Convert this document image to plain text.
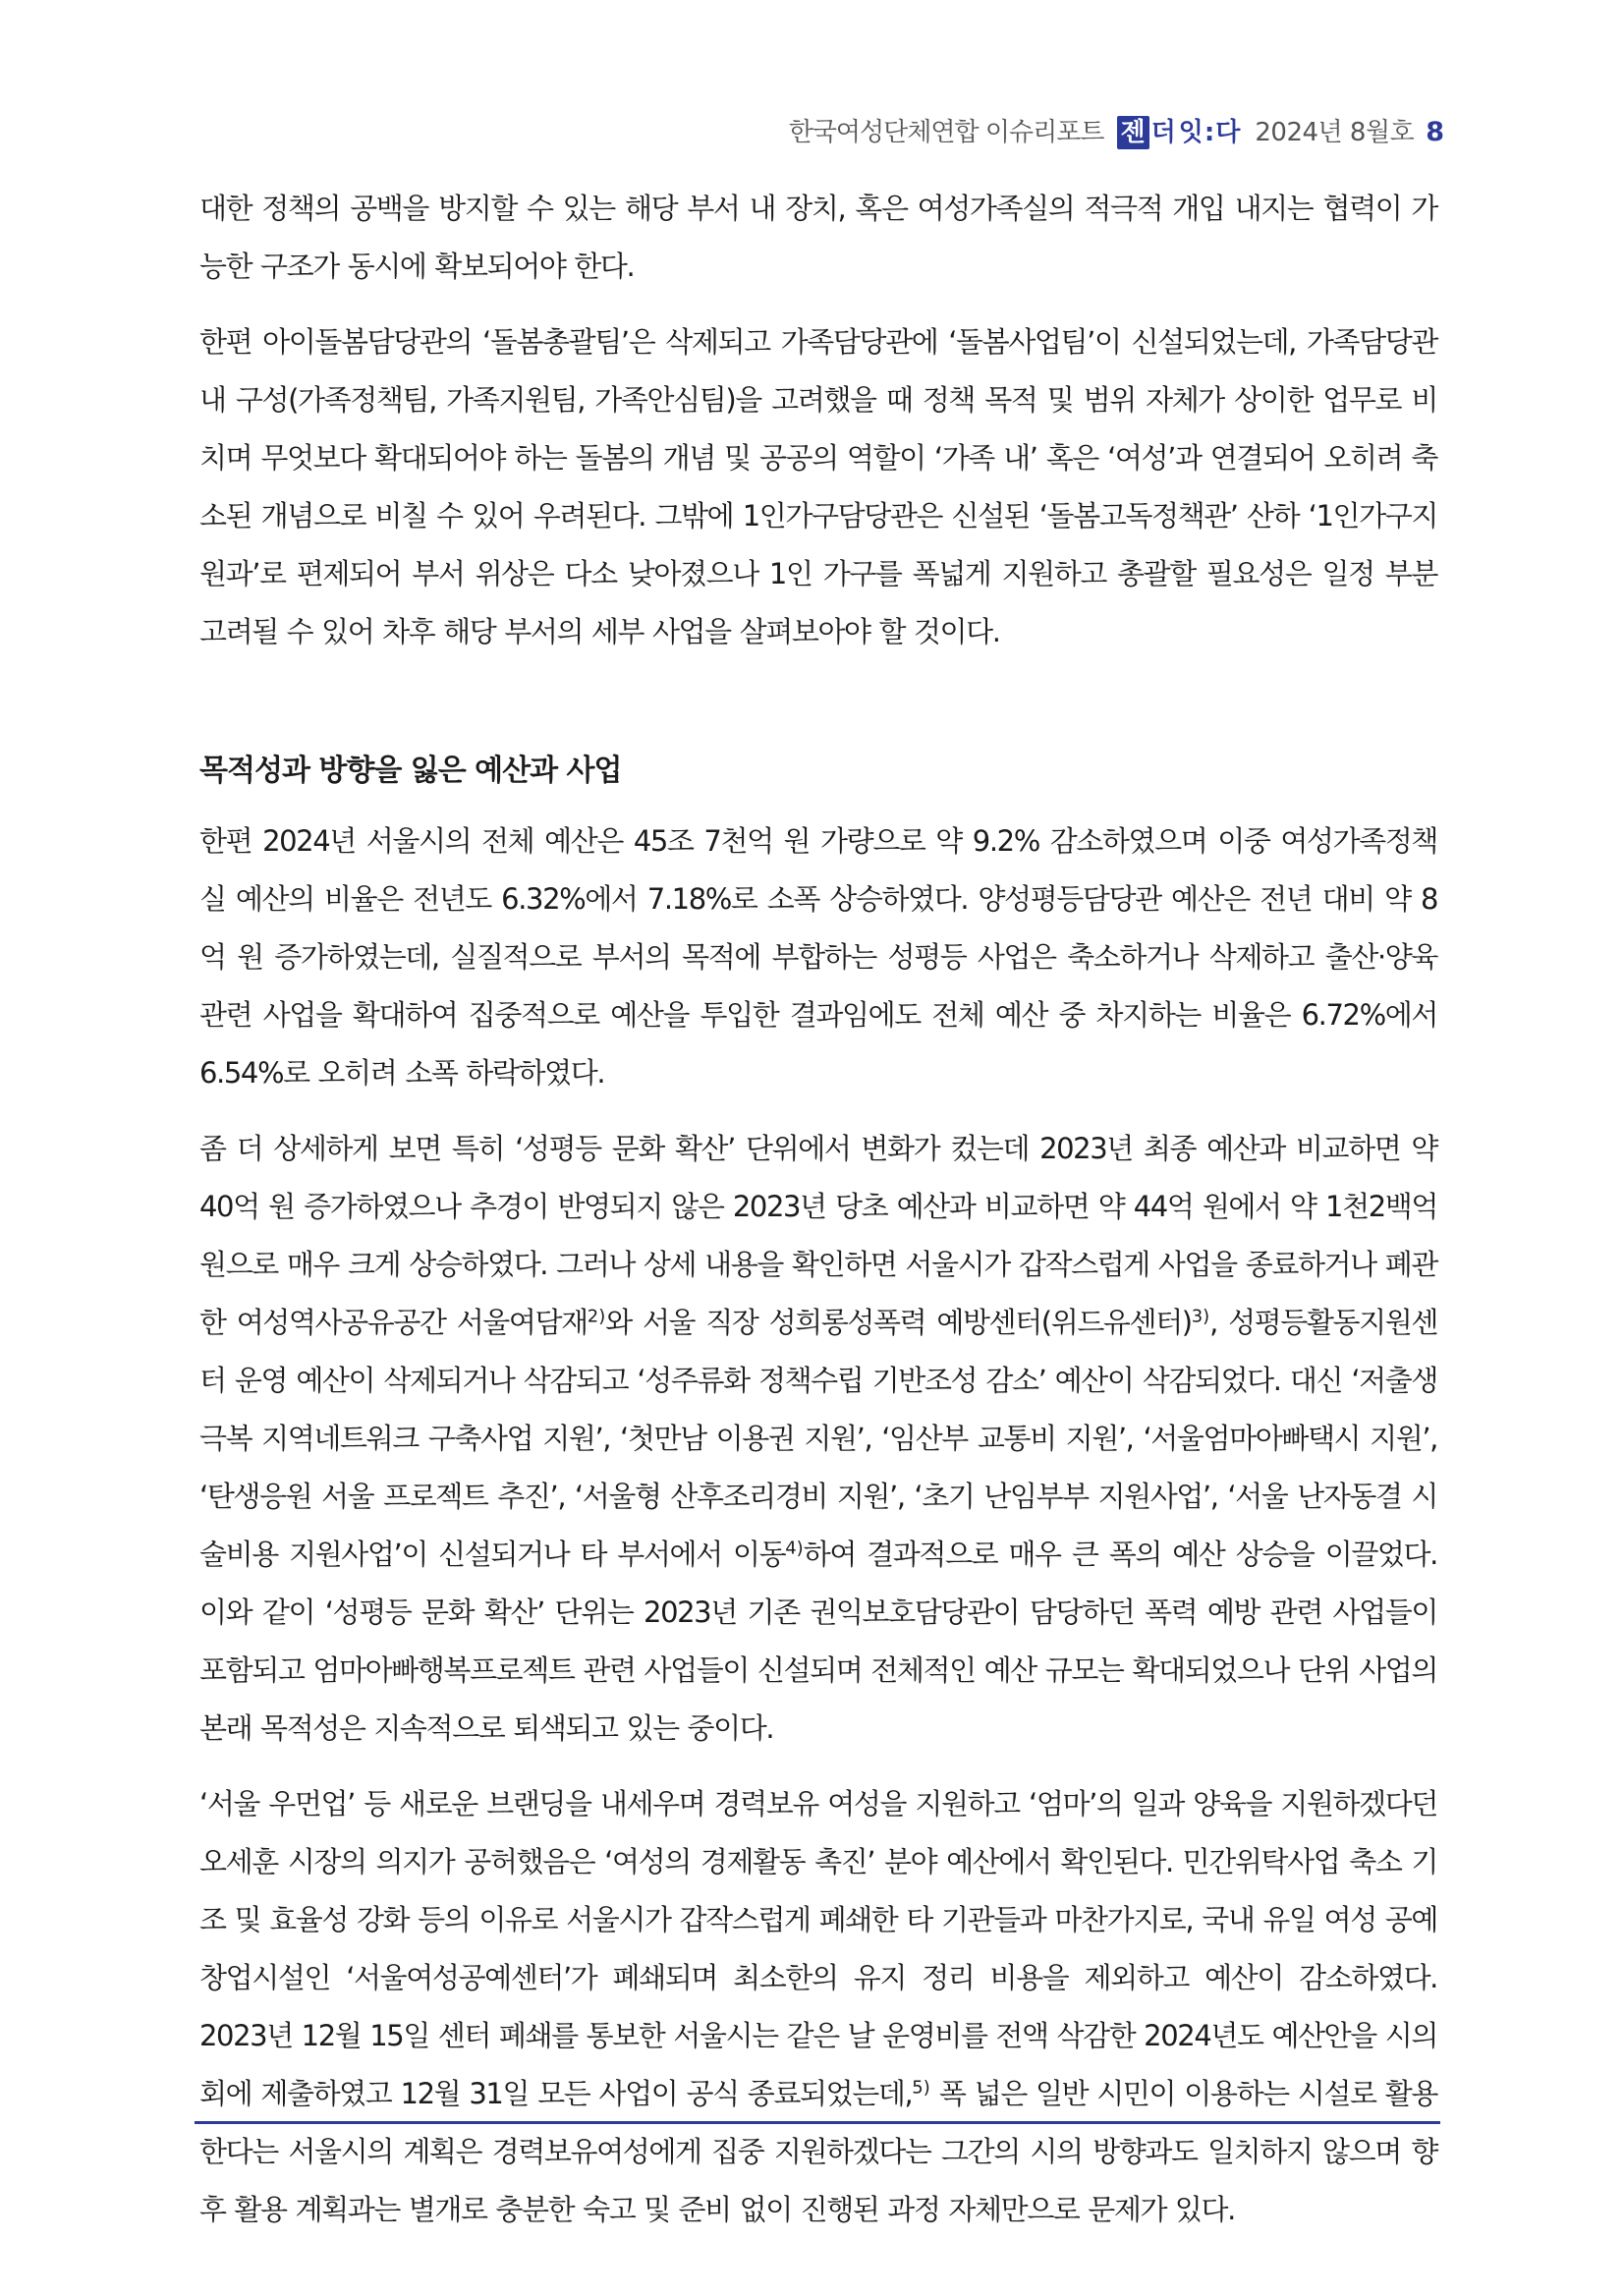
한국여성단체연합 이슈리포트 젠 더 잇:다 2024년 8월호 8

대한 정책의 공백을 방지할 수 있는 해당 부서 내 장치, 혹은 여성가족실의 적극적 개입 내지는 협력이 가능한 구조가 동시에 확보되어야 한다.

한편 아이돌봄담당관의 ‘돌봄총괄팀’은 삭제되고 가족담당관에 ‘돌봄사업팀’이 신설되었는데, 가족담당관 내 구성(가족정책팀, 가족지원팀, 가족안심팀)을 고려했을 때 정책 목적 및 범위 자체가 상이한 업무로 비치며 무엇보다 확대되어야 하는 돌봄의 개념 및 공공의 역할이 ‘가족 내’ 혹은 ‘여성’과 연결되어 오히려 축소된 개념으로 비칠 수 있어 우려된다. 그밖에 1인가구담당관은 신설된 ‘돌봄고독정책관’ 산하 ‘1인가구지원과’로 편제되어 부서 위상은 다소 낮아졌으나 1인 가구를 폭넓게 지원하고 총괄할 필요성은 일정 부분 고려될 수 있어 차후 해당 부서의 세부 사업을 살펴보아야 할 것이다.

목적성과 방향을 잃은 예산과 사업

한편 2024년 서울시의 전체 예산은 45조 7천억 원 가량으로 약 9.2% 감소하였으며 이중 여성가족정책실 예산의 비율은 전년도 6.32%에서 7.18%로 소폭 상승하였다. 양성평등담당관 예산은 전년 대비 약 8억 원 증가하였는데, 실질적으로 부서의 목적에 부합하는 성평등 사업은 축소하거나 삭제하고 출산·양육 관련 사업을 확대하여 집중적으로 예산을 투입한 결과임에도 전체 예산 중 차지하는 비율은 6.72%에서 6.54%로 오히려 소폭 하락하였다.

좀 더 상세하게 보면 특히 ‘성평등 문화 확산’ 단위에서 변화가 컸는데 2023년 최종 예산과 비교하면 약 40억 원 증가하였으나 추경이 반영되지 않은 2023년 당초 예산과 비교하면 약 44억 원에서 약 1천2백억 원으로 매우 크게 상승하였다. 그러나 상세 내용을 확인하면 서울시가 갑작스럽게 사업을 종료하거나 폐관한 여성역사공유공간 서울여담재$^{2)}$와 서울 직장 성희롱성폭력 예방센터(위드유센터)$^{3)}$, 성평등활동지원센터 운영 예산이 삭제되거나 삭감되고 ‘성주류화 정책수립 기반조성 감소’ 예산이 삭감되었다. 대신 ‘저출생 극복 지역네트워크 구축사업 지원’, ‘첫만남 이용권 지원’, ‘임산부 교통비 지원’, ‘서울엄마아빠택시 지원’, ‘탄생응원 서울 프로젝트 추진’, ‘서울형 산후조리경비 지원’, ‘초기 난임부부 지원사업’, ‘서울 난자동결 시술비용 지원사업’이 신설되거나 타 부서에서 이동$^{4)}$하여 결과적으로 매우 큰 폭의 예산 상승을 이끌었다. 이와 같이 ‘성평등 문화 확산’ 단위는 2023년 기존 권익보호담당관이 담당하던 폭력 예방 관련 사업들이 포함되고 엄마아빠행복프로젝트 관련 사업들이 신설되며 전체적인 예산 규모는 확대되었으나 단위 사업의 본래 목적성은 지속적으로 퇴색되고 있는 중이다.

‘서울 우먼업’ 등 새로운 브랜딩을 내세우며 경력보유 여성을 지원하고 ‘엄마’의 일과 양육을 지원하겠다던 오세훈 시장의 의지가 공허했음은 ‘여성의 경제활동 촉진’ 분야 예산에서 확인된다. 민간위탁사업 축소 기조 및 효율성 강화 등의 이유로 서울시가 갑작스럽게 폐쇄한 타 기관들과 마찬가지로, 국내 유일 여성 공예 창업시설인 ‘서울여성공예센터’가 폐쇄되며 최소한의 유지 정리 비용을 제외하고 예산이 감소하였다. 2023년 12월 15일 센터 폐쇄를 통보한 서울시는 같은 날 운영비를 전액 삭감한 2024년도 예산안을 시의회에 제출하였고 12월 31일 모든 사업이 공식 종료되었는데,$^{5)}$ 폭 넓은 일반 시민이 이용하는 시설로 활용한다는 서울시의 계획은 경력보유여성에게 집중 지원하겠다는 그간의 시의 방향과도 일치하지 않으며 향후 활용 계획과는 별개로 충분한 숙고 및 준비 없이 진행된 과정 자체만으로 문제가 있다.
